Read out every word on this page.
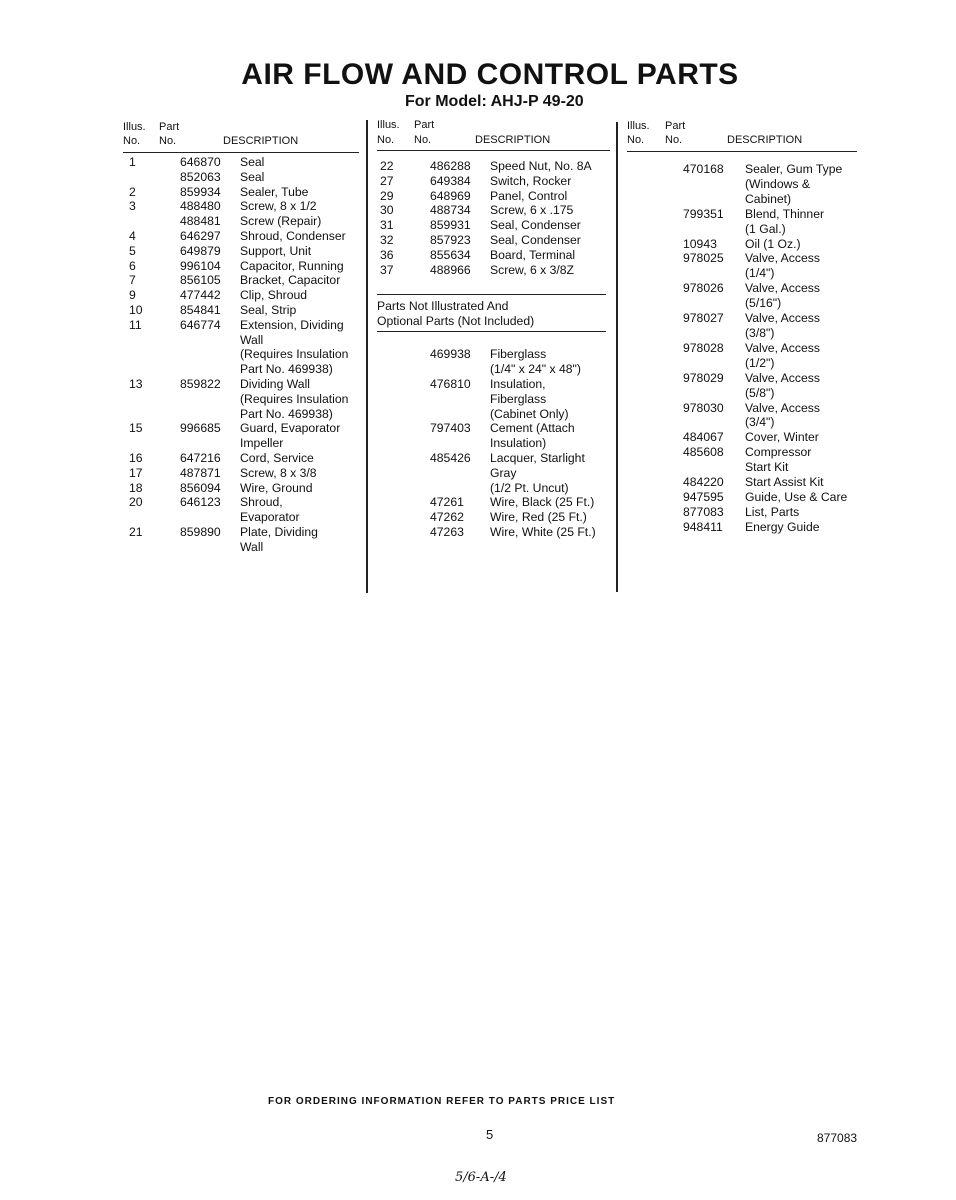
AIR FLOW AND CONTROL PARTS
For Model: AHJ-P 49-20
Illus. Part
No. No.	DESCRIPTION
1	646870 Seal
852063 Seal
2	859934 Sealer, Tube
3	488480 Screw, 8 x 1/2
488481 Screw (Repair)
4	646297 Shroud, Condenser
5	649879 Support, Unit
6	996104 Capacitor, Running
7	856105 Bracket, Capacitor
9	477442 Clip, Shroud
10	854841 Seal, Strip
11	646774 Extension, Dividing
Wall
(Requires Insulation
Part No. 469938)
13	859822 Dividing Wall
(Requires Insulation
Part No. 469938)
15	996685 Guard, Evaporator
Impeller
16	647216 Cord, Service
17	487871 Screw, 8 x 3/8
18	856094 Wire, Ground
20	646123 Shroud,
Evaporator
21	859890 Plate, Dividing
Wall
Illus. Part
No. No.	DESCRIPTION
22	486288 Speed Nut, No. 8A
27	649384 Switch, Rocker
29	648969 Panel, Control
30	488734 Screw, 6 x .175
31	859931 Seal, Condenser
32	857923 Seal, Condenser
36	855634 Board, Terminal
37	488966 Screw, 6 x 3/8Z
Parts Not Illustrated And
Optional Parts (Not Included)
469938 Fiberglass
(1/4" x 24" x 48")
476810 Insulation,
Fiberglass
(Cabinet Only)
797403 Cement (Attach
Insulation)
485426 Lacquer, Starlight
Gray
(1/2 Pt. Uncut)
47261 Wire, Black (25 Ft.)
47262 Wire, Red (25 Ft.)
47263 Wire, White (25 Ft.)
Illus. Part
No. No.	DESCRIPTION
470168 Sealer, Gum Type
(Windows &
Cabinet)
799351 Blend, Thinner
(1 Gal.)
10943 Oil (1 Oz.)
978025 Valve, Access
(1/4")
978026 Valve, Access
(5/16")
978027 Valve, Access
(3/8")
978028 Valve, Access
(1/2")
978029 Valve, Access
(5/8")
978030 Valve, Access
(3/4")
484067 Cover, Winter
485608 Compressor
Start Kit
484220 Start Assist Kit
947595 Guide, Use & Care
877083 List, Parts
948411 Energy Guide
FOR ORDERING INFORMATION REFER TO PARTS PRICE LIST
5	877083
5/6-A-/4
